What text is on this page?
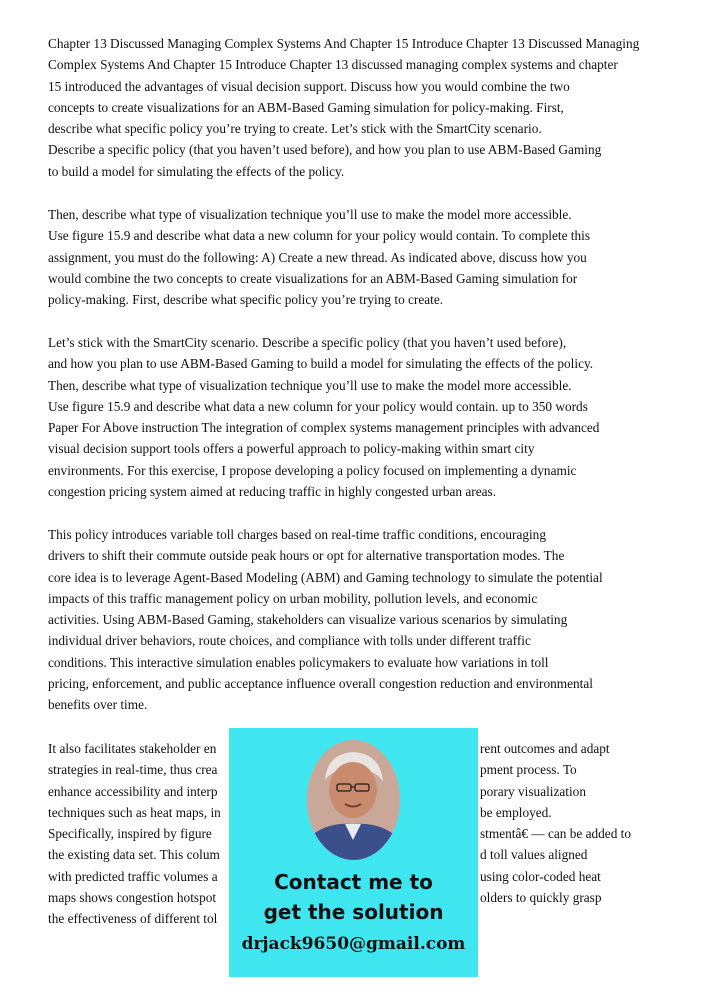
Chapter 13 Discussed Managing Complex Systems And Chapter 15 Introduce Chapter 13 Discussed Managing
Complex Systems And Chapter 15 Introduce Chapter 13 discussed managing complex systems and chapter
15 introduced the advantages of visual decision support. Discuss how you would combine the two
concepts to create visualizations for an ABM-Based Gaming simulation for policy-making. First,
describe what specific policy you’re trying to create. Let’s stick with the SmartCity scenario.
Describe a specific policy (that you haven’t used before), and how you plan to use ABM-Based Gaming
to build a model for simulating the effects of the policy.
Then, describe what type of visualization technique you’ll use to make the model more accessible.
Use figure 15.9 and describe what data a new column for your policy would contain. To complete this
assignment, you must do the following: A) Create a new thread. As indicated above, discuss how you
would combine the two concepts to create visualizations for an ABM-Based Gaming simulation for
policy-making. First, describe what specific policy you’re trying to create.
Let’s stick with the SmartCity scenario. Describe a specific policy (that you haven’t used before),
and how you plan to use ABM-Based Gaming to build a model for simulating the effects of the policy.
Then, describe what type of visualization technique you’ll use to make the model more accessible.
Use figure 15.9 and describe what data a new column for your policy would contain. up to 350 words
Paper For Above instruction The integration of complex systems management principles with advanced
visual decision support tools offers a powerful approach to policy-making within smart city
environments. For this exercise, I propose developing a policy focused on implementing a dynamic
congestion pricing system aimed at reducing traffic in highly congested urban areas.
This policy introduces variable toll charges based on real-time traffic conditions, encouraging
drivers to shift their commute outside peak hours or opt for alternative transportation modes. The
core idea is to leverage Agent-Based Modeling (ABM) and Gaming technology to simulate the potential
impacts of this traffic management policy on urban mobility, pollution levels, and economic
activities. Using ABM-Based Gaming, stakeholders can visualize various scenarios by simulating
individual driver behaviors, route choices, and compliance with tolls under different traffic
conditions. This interactive simulation enables policymakers to evaluate how variations in toll
pricing, enforcement, and public acceptance influence overall congestion reduction and environmental
benefits over time.
It also facilitates stakeholder en
strategies in real-time, thus crea
enhance accessibility and interp
techniques such as heat maps, in
Specifically, inspired by figure
the existing data set. This colum
with predicted traffic volumes a
maps shows congestion hotspot
the effectiveness of different tol
rent outcomes and adapt
pment process. To
porary visualization
be employed.
stmentâ€ — can be added to
d toll values aligned
using color-coded heat
olders to quickly grasp
Contact me to
get the solution
drjack9650@gmail.com
